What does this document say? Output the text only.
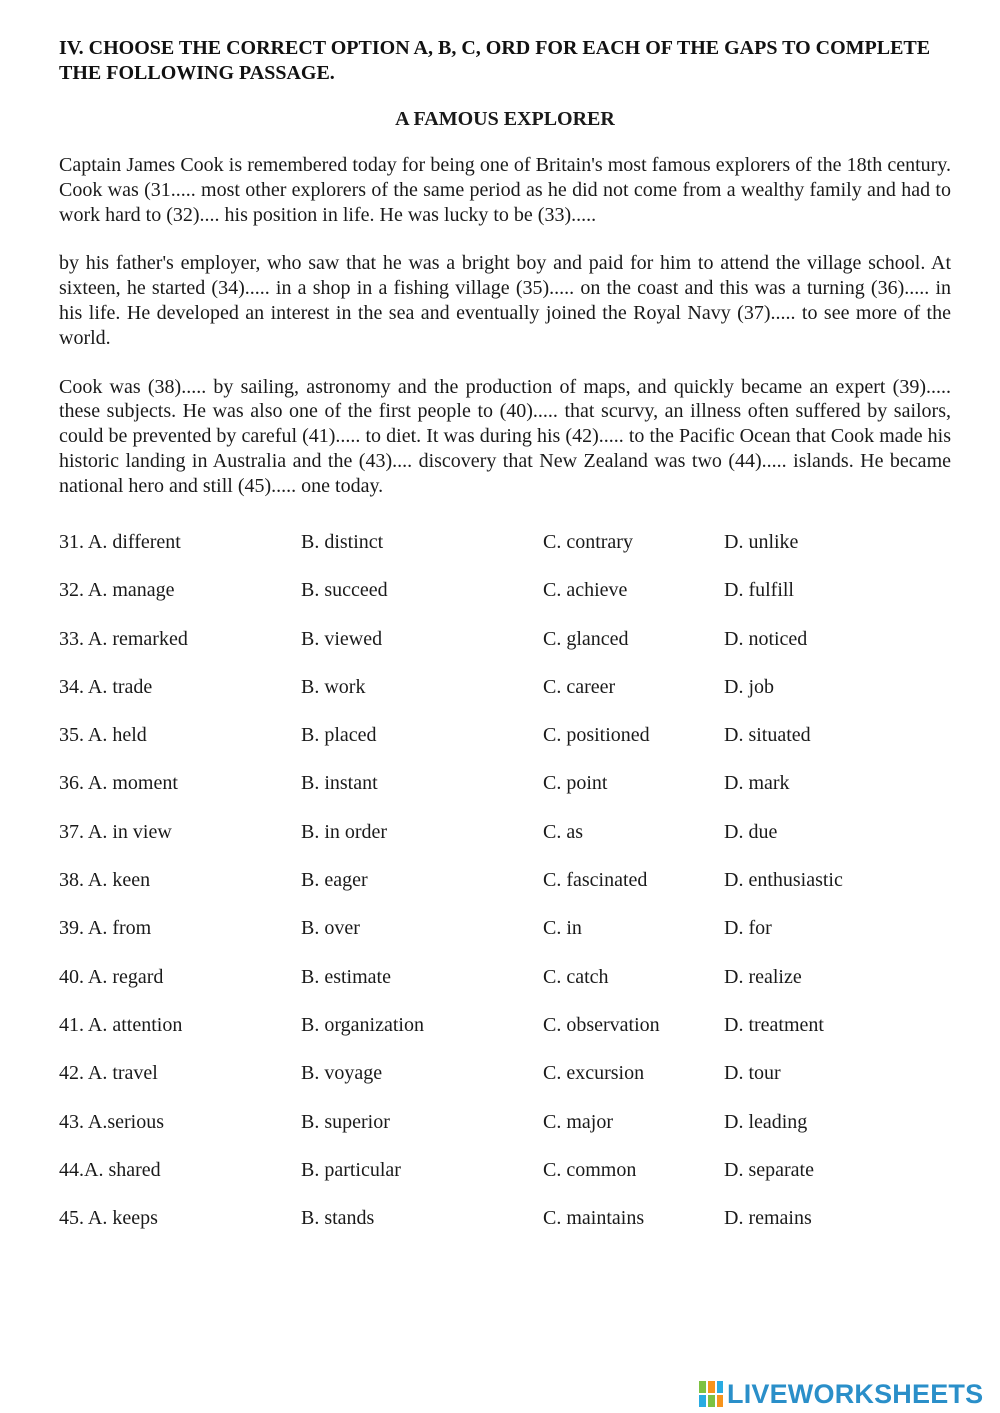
IV. CHOOSE THE CORRECT OPTION A, B, C, ORD FOR EACH OF THE GAPS TO COMPLETE THE FOLLOWING PASSAGE.

A FAMOUS EXPLORER

Captain James Cook is remembered today for being one of Britain's most famous explorers of the 18th century. Cook was (31..... most other explorers of the same period as he did not come from a wealthy family and had to work hard to (32).... his position in life. He was lucky to be (33).....

by his father's employer, who saw that he was a bright boy and paid for him to attend the village school. At sixteen, he started (34)..... in a shop in a fishing village (35)..... on the coast and this was a turning (36)..... in his life. He developed an interest in the sea and eventually joined the Royal Navy (37)..... to see more of the world.

Cook was (38)..... by sailing, astronomy and the production of maps, and quickly became an expert (39)..... these subjects. He was also one of the first people to (40)..... that scurvy, an illness often suffered by sailors, could be prevented by careful (41)..... to diet. It was during his (42)..... to the Pacific Ocean that Cook made his historic landing in Australia and the (43).... discovery that New Zealand was two (44)..... islands. He became national hero and still (45)..... one today.

31. A. different	B. distinct	C. contrary	D. unlike
32. A. manage	B. succeed	C. achieve	D. fulfill
33. A. remarked	B. viewed	C. glanced	D. noticed
34. A. trade	B. work	C. career	D. job
35. A. held	B. placed	C. positioned	D. situated
36. A. moment	B. instant	C. point	D. mark
37. A. in view	B. in order	C. as	D. due
38. A. keen	B. eager	C. fascinated	D. enthusiastic
39. A. from	B. over	C. in	D. for
40. A. regard	B. estimate	C. catch	D. realize
41. A. attention	B. organization	C. observation	D. treatment
42. A. travel	B. voyage	C. excursion	D. tour
43. A.serious	B. superior	C. major	D. leading
44.A. shared	B. particular	C. common	D. separate
45. A. keeps	B. stands	C. maintains	D. remains
LIVEWORKSHEETS
